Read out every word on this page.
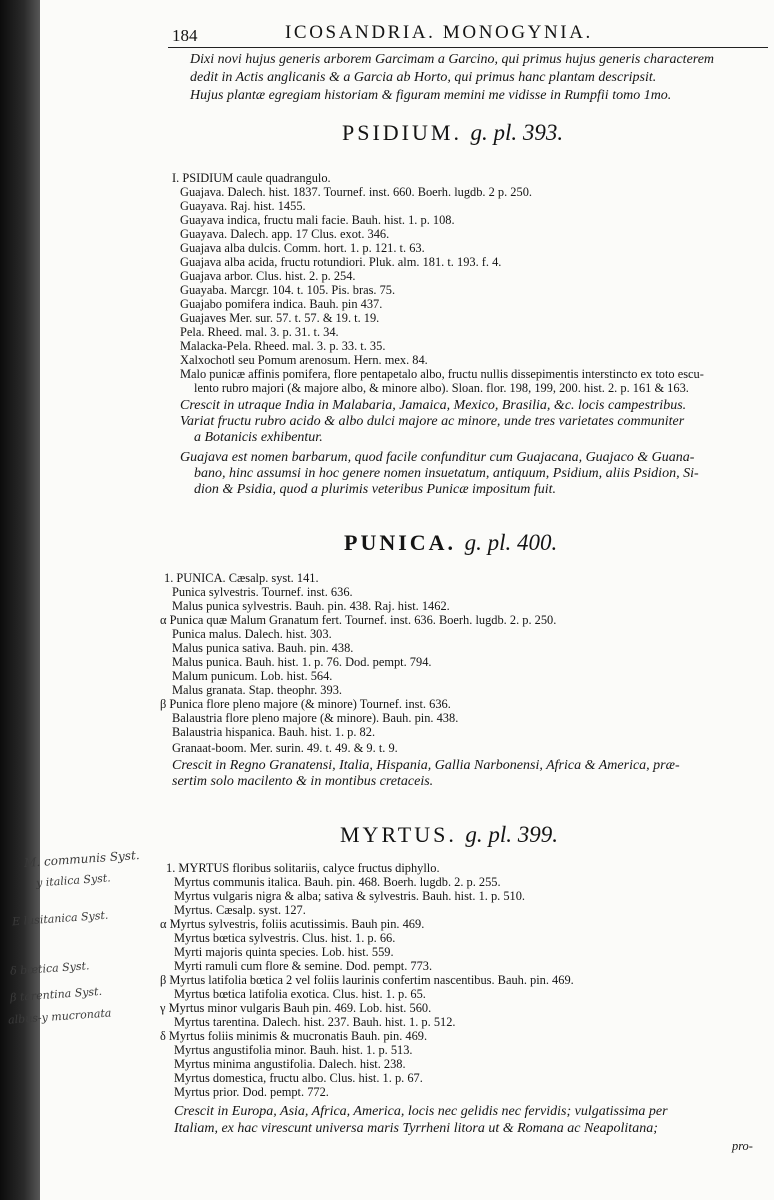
184	ICOSANDRIA. MONOGYNIA.
Dixi novi hujus generis arborem Garcimam a Garcino, qui primus hujus generis characterem
dedit in Actis anglicanis & a Garcia ab Horto, qui primus hanc plantam descripsit.
Hujus plantæ egregiam historiam & figuram memini me vidisse in Rumpfii tomo 1mo.
PSIDIUM. g. pl. 393.
I. PSIDIUM caule quadrangulo.
Guajava. Dalech. hist. 1837. Tournef. inst. 660. Boerh. lugdb. 2 p. 250.
Guayava. Raj. hist. 1455.
Guayava indica, fructu mali facie. Bauh. hist. 1. p. 108.
Guayava. Dalech. app. 17 Clus. exot. 346.
Guajava alba dulcis. Comm. hort. 1. p. 121. t. 63.
Guajava alba acida, fructu rotundiori. Pluk. alm. 181. t. 193. f. 4.
Guajava arbor. Clus. hist. 2. p. 254.
Guayaba. Marcgr. 104. t. 105. Pis. bras. 75.
Guajabo pomifera indica. Bauh. pin 437.
Guajaves Mer. sur. 57. t. 57. & 19. t. 19.
Pela. Rheed. mal. 3. p. 31. t. 34.
Malacka-Pela. Rheed. mal. 3. p. 33. t. 35.
Xalxochotl seu Pomum arenosum. Hern. mex. 84.
Malo punicæ affinis pomifera, flore pentapetalo albo, fructu nullis dissepimentis interstincto ex toto escu-
lento rubro majori (& majore albo, & minore albo). Sloan. flor. 198, 199, 200. hist. 2. p. 161 & 163.
Crescit in utraque India in Malabaria, Jamaica, Mexico, Brasilia, &c. locis campestribus.
Variat fructu rubro acido & albo dulci majore ac minore, unde tres varietates communiter
a Botanicis exhibentur.
Guajava est nomen barbarum, quod facile confunditur cum Guajacana, Guajaco & Guana-
bano, hinc assumsi in hoc genere nomen insuetatum, antiquum, Psidium, aliis Psidion, Si-
dion & Psidia, quod a plurimis veteribus Punicæ impositum fuit.
PUNICA. g. pl. 400.
1. PUNICA. Cæsalp. syst. 141.
Punica sylvestris. Tournef. inst. 636.
Malus punica sylvestris. Bauh. pin. 438. Raj. hist. 1462.
α Punica quæ Malum Granatum fert. Tournef. inst. 636. Boerh. lugdb. 2. p. 250.
Punica malus. Dalech. hist. 303.
Malus punica sativa. Bauh. pin. 438.
Malus punica. Bauh. hist. 1. p. 76. Dod. pempt. 794.
Malum punicum. Lob. hist. 564.
Malus granata. Stap. theophr. 393.
β Punica flore pleno majore (& minore) Tournef. inst. 636.
Balaustria flore pleno majore (& minore). Bauh. pin. 438.
Balaustria hispanica. Bauh. hist. 1. p. 82.
Granaat-boom. Mer. surin. 49. t. 49. & 9. t. 9.
Crescit in Regno Granatensi, Italia, Hispania, Gallia Narbonensi, Africa & America, præ-
sertim solo macilento & in montibus cretaceis.
MYRTUS. g. pl. 399.
1. MYRTUS floribus solitariis, calyce fructus diphyllo.
Myrtus communis italica. Bauh. pin. 468. Boerh. lugdb. 2. p. 255.
Myrtus vulgaris nigra & alba; sativa & sylvestris. Bauh. hist. 1. p. 510.
Myrtus. Cæsalp. syst. 127.
α Myrtus sylvestris, foliis acutissimis. Bauh pin. 469.
Myrtus bœtica sylvestris. Clus. hist. 1. p. 66.
Myrti majoris quinta species. Lob. hist. 559.
Myrti ramuli cum flore & semine. Dod. pempt. 773.
β Myrtus latifolia bœtica 2 vel foliis laurinis confertim nascentibus. Bauh. pin. 469.
Myrtus bœtica latifolia exotica. Clus. hist. 1. p. 65.
γ Myrtus minor vulgaris Bauh pin. 469. Lob. hist. 560.
Myrtus tarentina. Dalech. hist. 237. Bauh. hist. 1. p. 512.
δ Myrtus foliis minimis & mucronatis Bauh. pin. 469.
Myrtus angustifolia minor. Bauh. hist. 1. p. 513.
Myrtus minima angustifolia. Dalech. hist. 238.
Myrtus domestica, fructu albo. Clus. hist. 1. p. 67.
Myrtus prior. Dod. pempt. 772.
Crescit in Europa, Asia, Africa, America, locis nec gelidis nec fervidis; vulgatissima per
Italiam, ex hac virescunt universa maris Tyrrheni litora ut & Romana ac Neapolitana;
pro-
M. communis Syst.
y italica Syst.
E lusitanica Syst.
δ bœtica Syst.
β tarentina Syst.
albus-y mucronata
